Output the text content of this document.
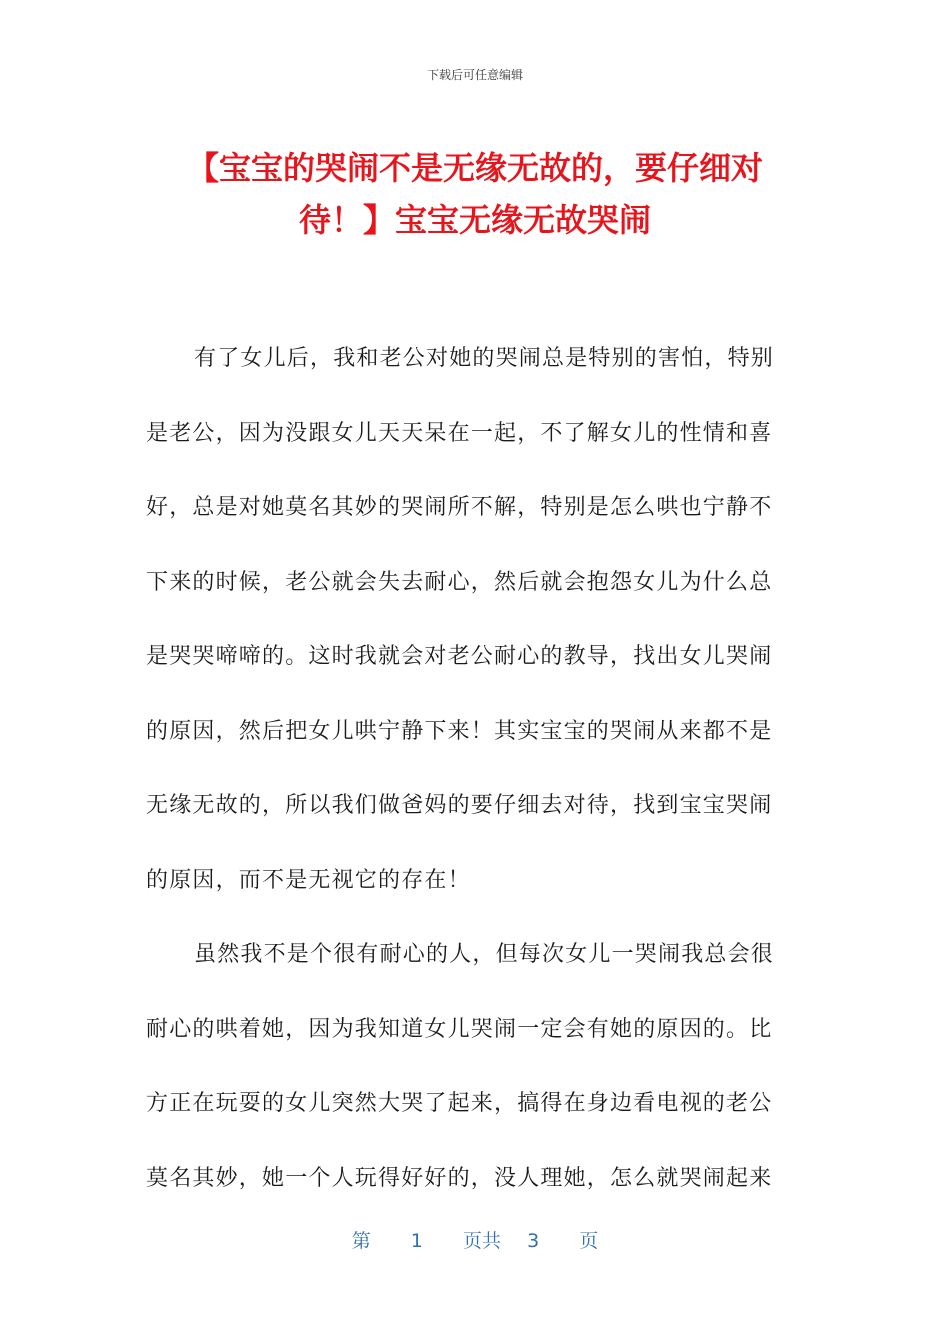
下载后可任意编辑
【宝宝的哭闹不是无缘无故的，要仔细对
待！】宝宝无缘无故哭闹
有了女儿后，我和老公对她的哭闹总是特别的害怕，特别
是老公，因为没跟女儿天天呆在一起，不了解女儿的性情和喜
好，总是对她莫名其妙的哭闹所不解，特别是怎么哄也宁静不
下来的时候，老公就会失去耐心，然后就会抱怨女儿为什么总
是哭哭啼啼的。这时我就会对老公耐心的教导，找出女儿哭闹
的原因，然后把女儿哄宁静下来！其实宝宝的哭闹从来都不是
无缘无故的，所以我们做爸妈的要仔细去对待，找到宝宝哭闹
的原因，而不是无视它的存在！
虽然我不是个很有耐心的人，但每次女儿一哭闹我总会很
耐心的哄着她，因为我知道女儿哭闹一定会有她的原因的。比
方正在玩耍的女儿突然大哭了起来，搞得在身边看电视的老公
莫名其妙，她一个人玩得好好的，没人理她，怎么就哭闹起来
第 1 页共 3 页
